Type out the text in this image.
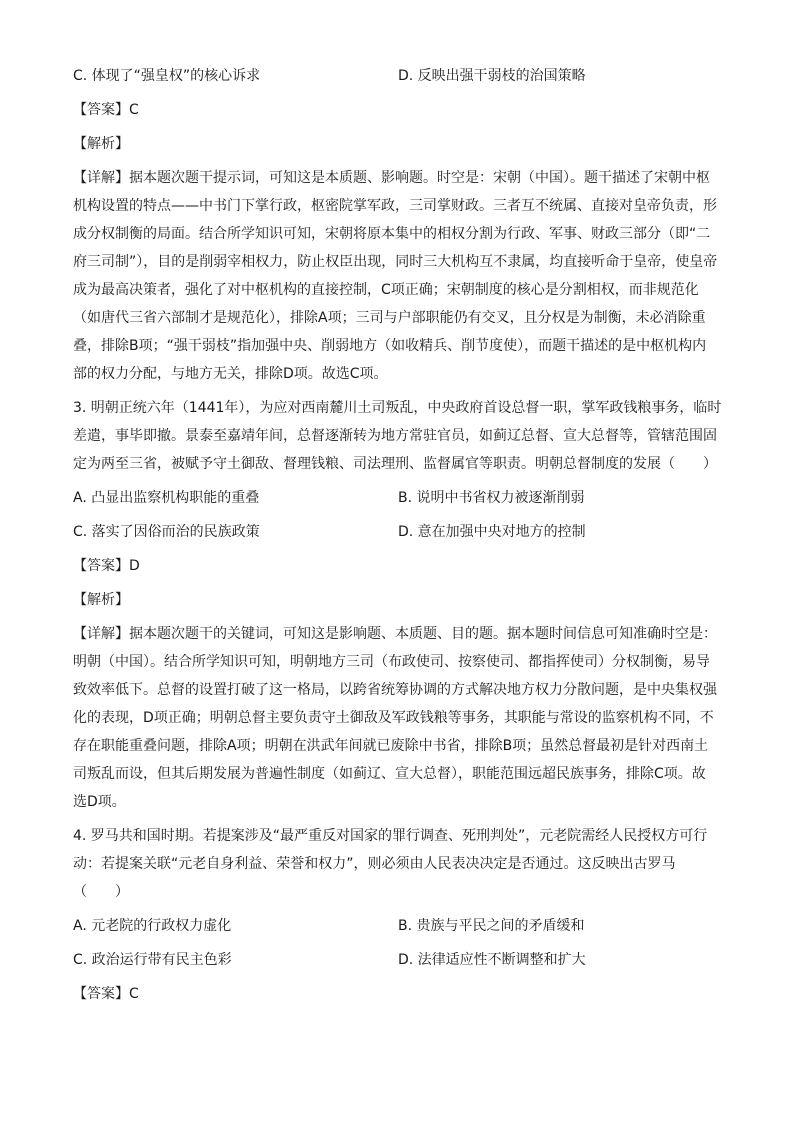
C. 体现了“强皇权”的核心诉求	D. 反映出强干弱枝的治国策略
【答案】C
【解析】
【详解】据本题次题干提示词，可知这是本质题、影响题。时空是：宋朝（中国）。题干描述了宋朝中枢
机构设置的特点——中书门下掌行政，枢密院掌军政，三司掌财政。三者互不统属、直接对皇帝负责，形
成分权制衡的局面。结合所学知识可知，宋朝将原本集中的相权分割为行政、军事、财政三部分（即“二
府三司制”），目的是削弱宰相权力，防止权臣出现，同时三大机构互不隶属，均直接听命于皇帝，使皇帝
成为最高决策者，强化了对中枢机构的直接控制，C项正确；宋朝制度的核心是分割相权，而非规范化
（如唐代三省六部制才是规范化），排除A项；三司与户部职能仍有交叉，且分权是为制衡，未必消除重
叠，排除B项；“强干弱枝”指加强中央、削弱地方（如收精兵、削节度使），而题干描述的是中枢机构内
部的权力分配，与地方无关，排除D项。故选C项。
3. 明朝正统六年（1441年），为应对西南麓川土司叛乱，中央政府首设总督一职，掌军政钱粮事务，临时
差遣，事毕即撤。景泰至嘉靖年间，总督逐渐转为地方常驻官员，如蓟辽总督、宣大总督等，管辖范围固
定为两至三省，被赋予守土御敌、督理钱粮、司法理刑、监督属官等职责。明朝总督制度的发展（　　）
A. 凸显出监察机构职能的重叠	B. 说明中书省权力被逐渐削弱
C. 落实了因俗而治的民族政策	D. 意在加强中央对地方的控制
【答案】D
【解析】
【详解】据本题次题干的关键词，可知这是影响题、本质题、目的题。据本题时间信息可知准确时空是：
明朝（中国）。结合所学知识可知，明朝地方三司（布政使司、按察使司、都指挥使司）分权制衡，易导
致效率低下。总督的设置打破了这一格局，以跨省统筹协调的方式解决地方权力分散问题，是中央集权强
化的表现，D项正确；明朝总督主要负责守土御敌及军政钱粮等事务，其职能与常设的监察机构不同，不
存在职能重叠问题，排除A项；明朝在洪武年间就已废除中书省，排除B项；虽然总督最初是针对西南土
司叛乱而设，但其后期发展为普遍性制度（如蓟辽、宣大总督），职能范围远超民族事务，排除C项。故
选D项。
4. 罗马共和国时期。若提案涉及“最严重反对国家的罪行调查、死刑判处”，元老院需经人民授权方可行
动：若提案关联“元老自身利益、荣誉和权力”，则必须由人民表决决定是否通过。这反映出古罗马
（　　）
A. 元老院的行政权力虚化	B. 贵族与平民之间的矛盾缓和
C. 政治运行带有民主色彩	D. 法律适应性不断调整和扩大
【答案】C
